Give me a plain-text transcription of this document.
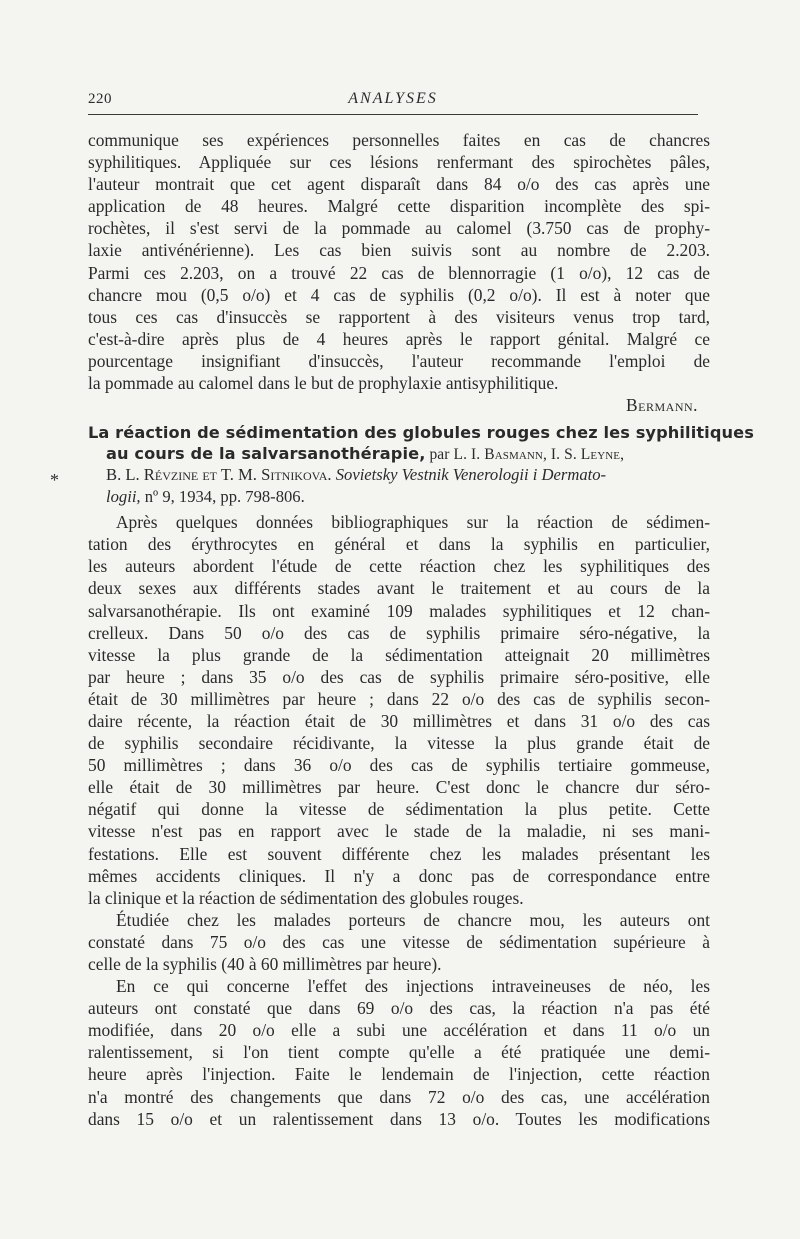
220	ANALYSES
*
communique ses expériences personnelles faites en cas de chancres
syphilitiques. Appliquée sur ces lésions renfermant des spirochètes pâles,
l'auteur montrait que cet agent disparaît dans 84 o/o des cas après une
application de 48 heures. Malgré cette disparition incomplète des spi-
rochètes, il s'est servi de la pommade au calomel (3.750 cas de prophy-
laxie antivénérienne). Les cas bien suivis sont au nombre de 2.203.
Parmi ces 2.203, on a trouvé 22 cas de blennorragie (1 o/o), 12 cas de
chancre mou (0,5 o/o) et 4 cas de syphilis (0,2 o/o). Il est à noter que
tous ces cas d'insuccès se rapportent à des visiteurs venus trop tard,
c'est-à-dire après plus de 4 heures après le rapport génital. Malgré ce
pourcentage insignifiant d'insuccès, l'auteur recommande l'emploi de
la pommade au calomel dans le but de prophylaxie antisyphilitique.
Bermann.
La réaction de sédimentation des globules rouges chez les syphilitiques
au cours de la salvarsanothérapie, par L. I. Basmann, I. S. Leyne,
B. L. Révzine et T. M. Sitnikova. Sovietsky Vestnik Venerologii i Dermato-
logii, nº 9, 1934, pp. 798-806.
Après quelques données bibliographiques sur la réaction de sédimen-
tation des érythrocytes en général et dans la syphilis en particulier,
les auteurs abordent l'étude de cette réaction chez les syphilitiques des
deux sexes aux différents stades avant le traitement et au cours de la
salvarsanothérapie. Ils ont examiné 109 malades syphilitiques et 12 chan-
crelleux. Dans 50 o/o des cas de syphilis primaire séro-négative, la
vitesse la plus grande de la sédimentation atteignait 20 millimètres
par heure ; dans 35 o/o des cas de syphilis primaire séro-positive, elle
était de 30 millimètres par heure ; dans 22 o/o des cas de syphilis secon-
daire récente, la réaction était de 30 millimètres et dans 31 o/o des cas
de syphilis secondaire récidivante, la vitesse la plus grande était de
50 millimètres ; dans 36 o/o des cas de syphilis tertiaire gommeuse,
elle était de 30 millimètres par heure. C'est donc le chancre dur séro-
négatif qui donne la vitesse de sédimentation la plus petite. Cette
vitesse n'est pas en rapport avec le stade de la maladie, ni ses mani-
festations. Elle est souvent différente chez les malades présentant les
mêmes accidents cliniques. Il n'y a donc pas de correspondance entre
la clinique et la réaction de sédimentation des globules rouges.
Étudiée chez les malades porteurs de chancre mou, les auteurs ont
constaté dans 75 o/o des cas une vitesse de sédimentation supérieure à
celle de la syphilis (40 à 60 millimètres par heure).
En ce qui concerne l'effet des injections intraveineuses de néo, les
auteurs ont constaté que dans 69 o/o des cas, la réaction n'a pas été
modifiée, dans 20 o/o elle a subi une accélération et dans 11 o/o un
ralentissement, si l'on tient compte qu'elle a été pratiquée une demi-
heure après l'injection. Faite le lendemain de l'injection, cette réaction
n'a montré des changements que dans 72 o/o des cas, une accélération
dans 15 o/o et un ralentissement dans 13 o/o. Toutes les modifications
